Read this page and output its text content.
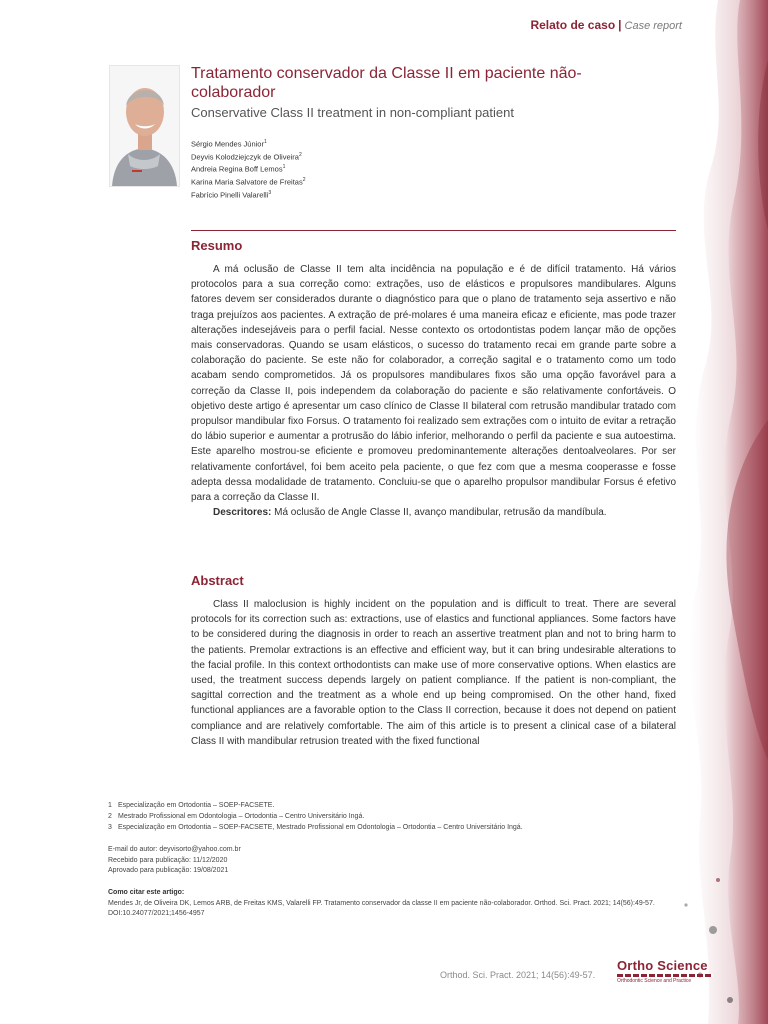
Relato de caso | Case report
Tratamento conservador da Classe II em paciente não-colaborador
Conservative Class II treatment in non-compliant patient
Sérgio Mendes Júnior$^1$
Deyvis Kolodziejczyk de Oliveira$^2$
Andreia Regina Boff Lemos$^1$
Karina Maria Salvatore de Freitas$^2$
Fabrício Pinelli Valarelli$^3$
Resumo

A má oclusão de Classe II tem alta incidência na população e é de difícil tratamento. Há vários protocolos para a sua correção como: extrações, uso de elásticos e propulsores mandibulares. Alguns fatores devem ser considerados durante o diagnóstico para que o plano de tratamento seja assertivo e não traga prejuízos aos pacientes. A extração de pré-molares é uma maneira eficaz e eficiente, mas pode trazer alterações indesejáveis para o perfil facial. Nesse contexto os ortodontistas podem lançar mão de opções mais conservadoras. Quando se usam elásticos, o sucesso do tratamento recai em grande parte sobre a colaboração do paciente. Se este não for colaborador, a correção sagital e o tratamento como um todo acabam sendo comprometidos. Já os propulsores mandibulares fixos são uma opção favorável para a correção da Classe II, pois independem da colaboração do paciente e são relativamente confortáveis. O objetivo deste artigo é apresentar um caso clínico de Classe II bilateral com retrusão mandibular tratado com propulsor mandibular fixo Forsus. O tratamento foi realizado sem extrações com o intuito de evitar a retração do lábio superior e aumentar a protrusão do lábio inferior, melhorando o perfil da paciente e sua autoestima. Este aparelho mostrou-se eficiente e promoveu predominantemente alterações dentoalveolares. Por ser relativamente confortável, foi bem aceito pela paciente, o que fez com que a mesma cooperasse e fosse adepta dessa modalidade de tratamento. Concluiu-se que o aparelho propulsor mandibular Forsus é efetivo para a correção da Classe II.

Descritores: Má oclusão de Angle Classe II, avanço mandibular, retrusão da mandíbula.

Abstract

Class II maloclusion is highly incident on the population and is difficult to treat. There are several protocols for its correction such as: extractions, use of elastics and functional appliances. Some factors have to be considered during the diagnosis in order to reach an assertive treatment plan and not to bring harm to the patients. Premolar extractions is an effective and efficient way, but it can bring undesirable alterations to the facial profile. In this context orthodontists can make use of more conservative options. When elastics are used, the treatment success depends largely on patient compliance. If the patient is non-compliant, the sagittal correction and the treatment as a whole end up being compromised. On the other hand, fixed functional appliances are a favorable option to the Class II correction, because it does not depend on patient compliance and are relatively comfortable. The aim of this article is to present a clinical case of a bilateral Class II with mandibular retrusion treated with the fixed functional

1 Especialização em Ortodontia – SOEP-FACSETE.
2 Mestrado Profissional em Odontologia – Ortodontia – Centro Universitário Ingá.
3 Especialização em Ortodontia – SOEP-FACSETE, Mestrado Profissional em Odontologia – Ortodontia – Centro Universitário Ingá.
E-mail do autor: deyvisorto@yahoo.com.br
Recebido para publicação: 11/12/2020
Aprovado para publicação: 19/08/2021
Como citar este artigo:
Mendes Jr, de Oliveira DK, Lemos ARB, de Freitas KMS, Valarelli FP. Tratamento conservador da classe II em paciente não-colaborador. Orthod. Sci. Pract. 2021; 14(56):49-57.
DOI:10.24077/2021;1456-4957
Orthod. Sci. Pract. 2021; 14(56):49-57.
Ortho Science
Orthodontic Science and Practice
